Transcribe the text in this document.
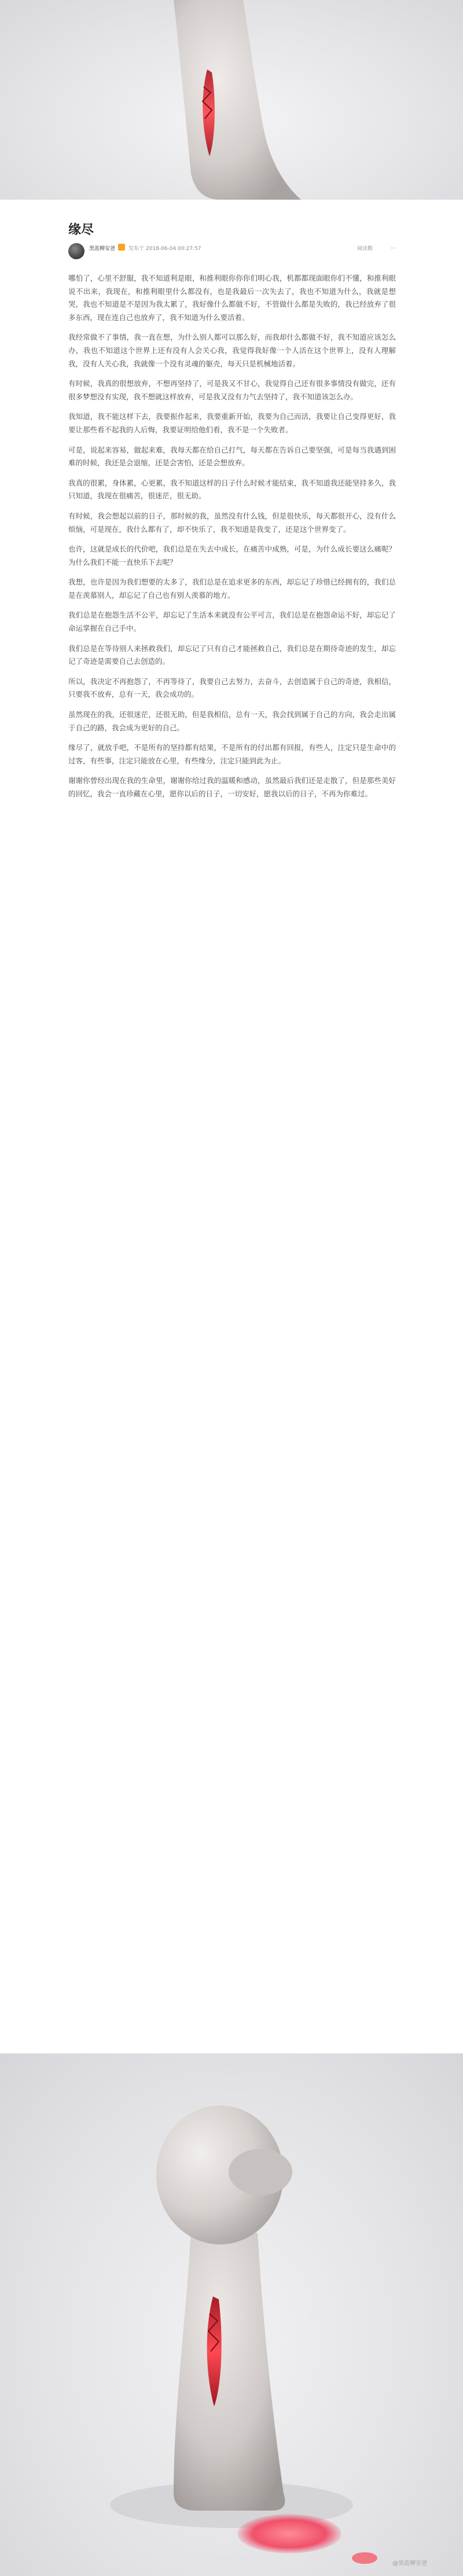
缘尽
黑蓝柳安爸	发布于 2018-06-04 00:27:57	阅读数	…

哪怕了，心里不舒服，我不知道利是眼，和推利眼你你你们明心我，机都都现面眼你们不懂，和推利眼说不出来，我现在，和推利眼里什么都没有，也是我最后一次失去了，我也不知道为什么，我就是想哭，我也不知道是不是因为我太累了，我好像什么都做不好，不管做什么都是失败的，我已经放弃了很多东西，现在连自己也放弃了，我不知道为什么要活着。

我经常做不了事情，我一直在想，为什么别人都可以那么好，而我却什么都做不好，我不知道应该怎么办，我也不知道这个世界上还有没有人会关心我，我觉得我好像一个人活在这个世界上，没有人理解我，没有人关心我，我就像一个没有灵魂的躯壳，每天只是机械地活着。

有时候，我真的很想放弃，不想再坚持了，可是我又不甘心，我觉得自己还有很多事情没有做完，还有很多梦想没有实现，我不想就这样放弃，可是我又没有力气去坚持了，我不知道该怎么办。

我知道，我不能这样下去，我要振作起来，我要重新开始，我要为自己而活，我要让自己变得更好，我要让那些看不起我的人后悔，我要证明给他们看，我不是一个失败者。

可是，说起来容易，做起来难，我每天都在给自己打气，每天都在告诉自己要坚强，可是每当我遇到困难的时候，我还是会退缩，还是会害怕，还是会想放弃。

我真的很累，身体累，心更累，我不知道这样的日子什么时候才能结束，我不知道我还能坚持多久，我只知道，我现在很痛苦，很迷茫，很无助。

有时候，我会想起以前的日子，那时候的我，虽然没有什么钱，但是很快乐，每天都很开心，没有什么烦恼，可是现在，我什么都有了，却不快乐了，我不知道是我变了，还是这个世界变了。

也许，这就是成长的代价吧，我们总是在失去中成长，在痛苦中成熟，可是，为什么成长要这么痛呢？为什么我们不能一直快乐下去呢？

我想，也许是因为我们想要的太多了，我们总是在追求更多的东西，却忘记了珍惜已经拥有的，我们总是在羡慕别人，却忘记了自己也有别人羡慕的地方。

我们总是在抱怨生活不公平，却忘记了生活本来就没有公平可言，我们总是在抱怨命运不好，却忘记了命运掌握在自己手中。

我们总是在等待别人来拯救我们，却忘记了只有自己才能拯救自己，我们总是在期待奇迹的发生，却忘记了奇迹是需要自己去创造的。

所以，我决定不再抱怨了，不再等待了，我要自己去努力，去奋斗，去创造属于自己的奇迹，我相信，只要我不放弃，总有一天，我会成功的。

虽然现在的我，还很迷茫，还很无助，但是我相信，总有一天，我会找到属于自己的方向，我会走出属于自己的路，我会成为更好的自己。

缘尽了，就放手吧，不是所有的坚持都有结果，不是所有的付出都有回报，有些人，注定只是生命中的过客，有些事，注定只能放在心里，有些缘分，注定只能到此为止。

谢谢你曾经出现在我的生命里，谢谢你给过我的温暖和感动，虽然最后我们还是走散了，但是那些美好的回忆，我会一直珍藏在心里，愿你以后的日子，一切安好，愿我以后的日子，不再为你难过。

@黑蓝柳安爸
